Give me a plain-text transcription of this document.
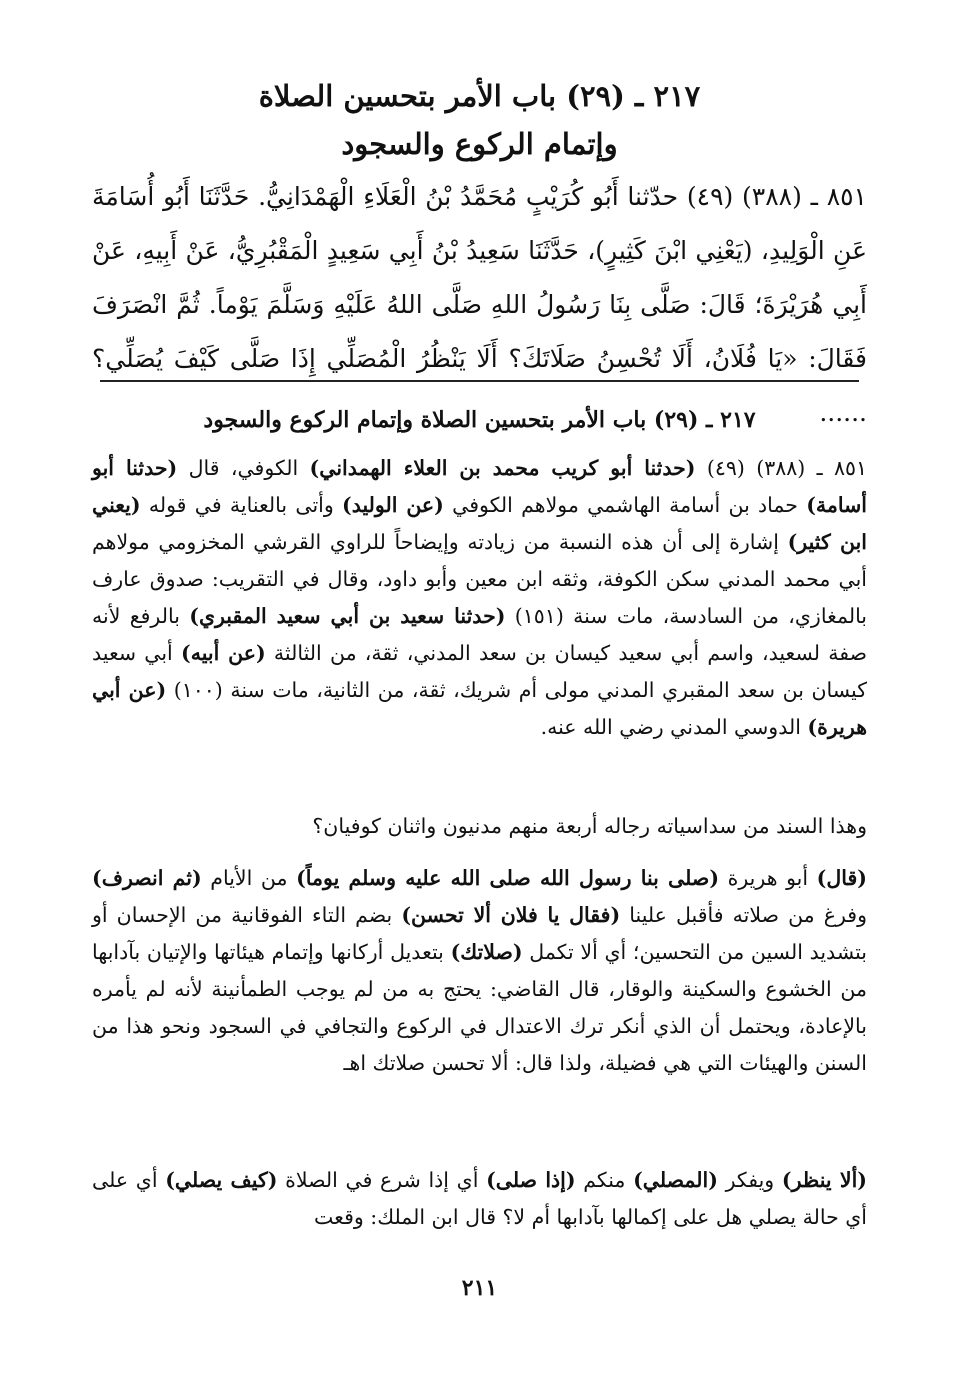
٢١٧ ـ (٢٩) باب الأمر بتحسين الصلاة
وإتمام الركوع والسجود

٨٥١ ـ (٣٨٨) (٤٩) حدّثنا أَبُو كُرَيْبٍ مُحَمَّدُ بْنُ الْعَلَاءِ الْهَمْدَانِيُّ. حَدَّثَنَا أَبُو أُسَامَةَ عَنِ الْوَلِيدِ، (يَعْنِي ابْنَ كَثِيرٍ)، حَدَّثَنَا سَعِيدُ بْنُ أَبِي سَعِيدٍ الْمَقْبُرِيُّ، عَنْ أَبِيهِ، عَنْ أَبِي هُرَيْرَةَ؛ قَالَ: صَلَّى بِنَا رَسُولُ اللهِ صَلَّى اللهُ عَلَيْهِ وَسَلَّمَ يَوْماً. ثُمَّ انْصَرَفَ فَقَالَ: «يَا فُلَانُ، أَلَا تُحْسِنُ صَلَاتَكَ؟ أَلَا يَنْظُرُ الْمُصَلِّي إِذَا صَلَّى كَيْفَ يُصَلِّي؟ ......

٢١٧ ـ (٢٩) باب الأمر بتحسين الصلاة وإتمام الركوع والسجود

٨٥١ ـ (٣٨٨) (٤٩) (حدثنا أبو كريب محمد بن العلاء الهمداني) الكوفي، قال (حدثنا أبو أسامة) حماد بن أسامة الهاشمي مولاهم الكوفي (عن الوليد) وأتى بالعناية في قوله (يعني ابن كثير) إشارة إلى أن هذه النسبة من زيادته وإيضاحاً للراوي القرشي المخزومي مولاهم أبي محمد المدني سكن الكوفة، وثقه ابن معين وأبو داود، وقال في التقريب: صدوق عارف بالمغازي، من السادسة، مات سنة (١٥١) (حدثنا سعيد بن أبي سعيد المقبري) بالرفع لأنه صفة لسعيد، واسم أبي سعيد كيسان بن سعد المدني، ثقة، من الثالثة (عن أبيه) أبي سعيد كيسان بن سعد المقبري المدني مولى أم شريك، ثقة، من الثانية، مات سنة (١٠٠) (عن أبي هريرة) الدوسي المدني رضي الله عنه.

وهذا السند من سداسياته رجاله أربعة منهم مدنيون واثنان كوفيان؟

(قال) أبو هريرة (صلى بنا رسول الله صلى الله عليه وسلم يوماً) من الأيام (ثم انصرف) وفرغ من صلاته فأقبل علينا (فقال يا فلان ألا تحسن) بضم التاء الفوقانية من الإحسان أو بتشديد السين من التحسين؛ أي ألا تكمل (صلاتك) بتعديل أركانها وإتمام هيئاتها والإتيان بآدابها من الخشوع والسكينة والوقار، قال القاضي: يحتج به من لم يوجب الطمأنينة لأنه لم يأمره بالإعادة، ويحتمل أن الذي أنكر ترك الاعتدال في الركوع والتجافي في السجود ونحو هذا من السنن والهيئات التي هي فضيلة، ولذا قال: ألا تحسن صلاتك اهـ

(ألا ينظر) ويفكر (المصلي) منكم (إذا صلى) أي إذا شرع في الصلاة (كيف يصلي) أي على أي حالة يصلي هل على إكمالها بآدابها أم لا؟ قال ابن الملك: وقعت

٢١١
